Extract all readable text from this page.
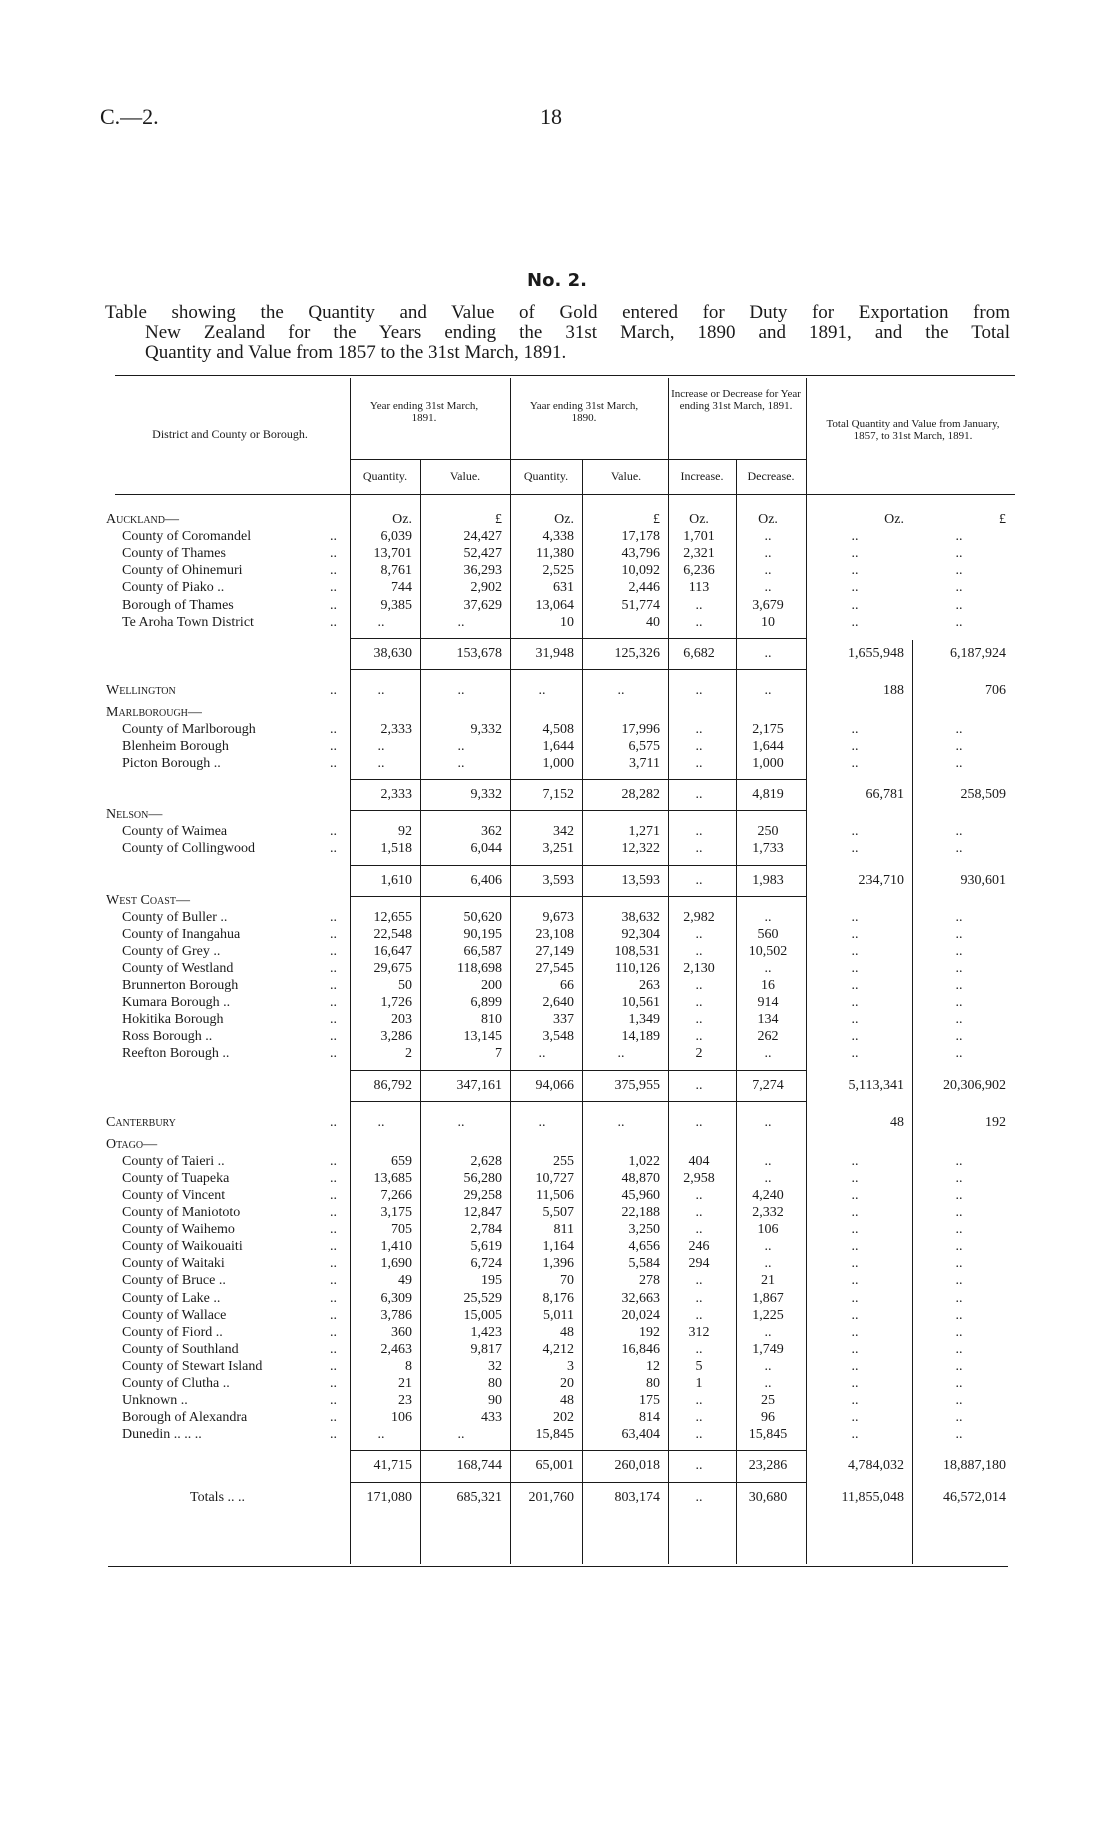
C.—2.	18
No. 2.
Table showing the Quantity and Value of Gold entered for Duty for Exportation from
New Zealand for the Years ending the 31st March, 1890 and 1891, and the Total
Quantity and Value from 1857 to the 31st March, 1891.
District and County or Borough.
Year ending 31st March, 1891.
Yaar ending 31st March, 1890.
Increase or Decrease for Year ending 31st March, 1891.
Total Quantity and Value from January, 1857, to 31st March, 1891.
Quantity.	Value.	Quantity.	Value.	Increase.	Decrease.
Oz.	£	Oz.	£	Oz.	Oz.	Oz.	£
Auckland—
County of Coromandel	..	6,039	24,427	4,338	17,178	1,701	..	..	..
County of Thames	..	13,701	52,427	11,380	43,796	2,321	..	..	..
County of Ohinemuri	..	8,761	36,293	2,525	10,092	6,236	..	..	..
County of Piako ..	..	744	2,902	631	2,446	113	..	..	..
Borough of Thames	..	9,385	37,629	13,064	51,774	..	3,679	..	..
Te Aroha Town District	..	..	..	10	40	..	10	..	..
38,630	153,678	31,948	125,326	6,682	..	1,655,948	6,187,924
Wellington	..	..	..	..	..	..	..	188	706
Marlborough—
County of Marlborough	..	2,333	9,332	4,508	17,996	..	2,175	..	..
Blenheim Borough	..	..	..	1,644	6,575	..	1,644	..	..
Picton Borough ..	..	..	..	1,000	3,711	..	1,000	..	..
2,333	9,332	7,152	28,282	..	4,819	66,781	258,509
Nelson—
County of Waimea	..	92	362	342	1,271	..	250	..	..
County of Collingwood	..	1,518	6,044	3,251	12,322	..	1,733	..	..
1,610	6,406	3,593	13,593	..	1,983	234,710	930,601
West Coast—
County of Buller ..	..	12,655	50,620	9,673	38,632	2,982	..	..	..
County of Inangahua	..	22,548	90,195	23,108	92,304	..	560	..	..
County of Grey ..	..	16,647	66,587	27,149	108,531	..	10,502	..	..
County of Westland	..	29,675	118,698	27,545	110,126	2,130	..	..	..
Brunnerton Borough	..	50	200	66	263	..	16	..	..
Kumara Borough ..	..	1,726	6,899	2,640	10,561	..	914	..	..
Hokitika Borough	..	203	810	337	1,349	..	134	..	..
Ross Borough ..	..	3,286	13,145	3,548	14,189	..	262	..	..
Reefton Borough ..	..	2	7	..	..	2	..	..	..
86,792	347,161	94,066	375,955	..	7,274	5,113,341	20,306,902
Canterbury	..	..	..	..	..	..	..	48	192
Otago—
County of Taieri ..	..	659	2,628	255	1,022	404	..	..	..
County of Tuapeka	..	13,685	56,280	10,727	48,870	2,958	..	..	..
County of Vincent	..	7,266	29,258	11,506	45,960	..	4,240	..	..
County of Maniototo	..	3,175	12,847	5,507	22,188	..	2,332	..	..
County of Waihemo	..	705	2,784	811	3,250	..	106	..	..
County of Waikouaiti	..	1,410	5,619	1,164	4,656	246	..	..	..
County of Waitaki	..	1,690	6,724	1,396	5,584	294	..	..	..
County of Bruce ..	..	49	195	70	278	..	21	..	..
County of Lake ..	..	6,309	25,529	8,176	32,663	..	1,867	..	..
County of Wallace	..	3,786	15,005	5,011	20,024	..	1,225	..	..
County of Fiord ..	..	360	1,423	48	192	312	..	..	..
County of Southland	..	2,463	9,817	4,212	16,846	..	1,749	..	..
County of Stewart Island	..	8	32	3	12	5	..	..	..
County of Clutha ..	..	21	80	20	80	1	..	..	..
Unknown ..	..	23	90	48	175	..	25	..	..
Borough of Alexandra	..	106	433	202	814	..	96	..	..
Dunedin .. .. ..	..	..	..	15,845	63,404	..	15,845	..	..
41,715	168,744	65,001	260,018	..	23,286	4,784,032	18,887,180
Totals .. ..	171,080	685,321	201,760	803,174	..	30,680	11,855,048	46,572,014
